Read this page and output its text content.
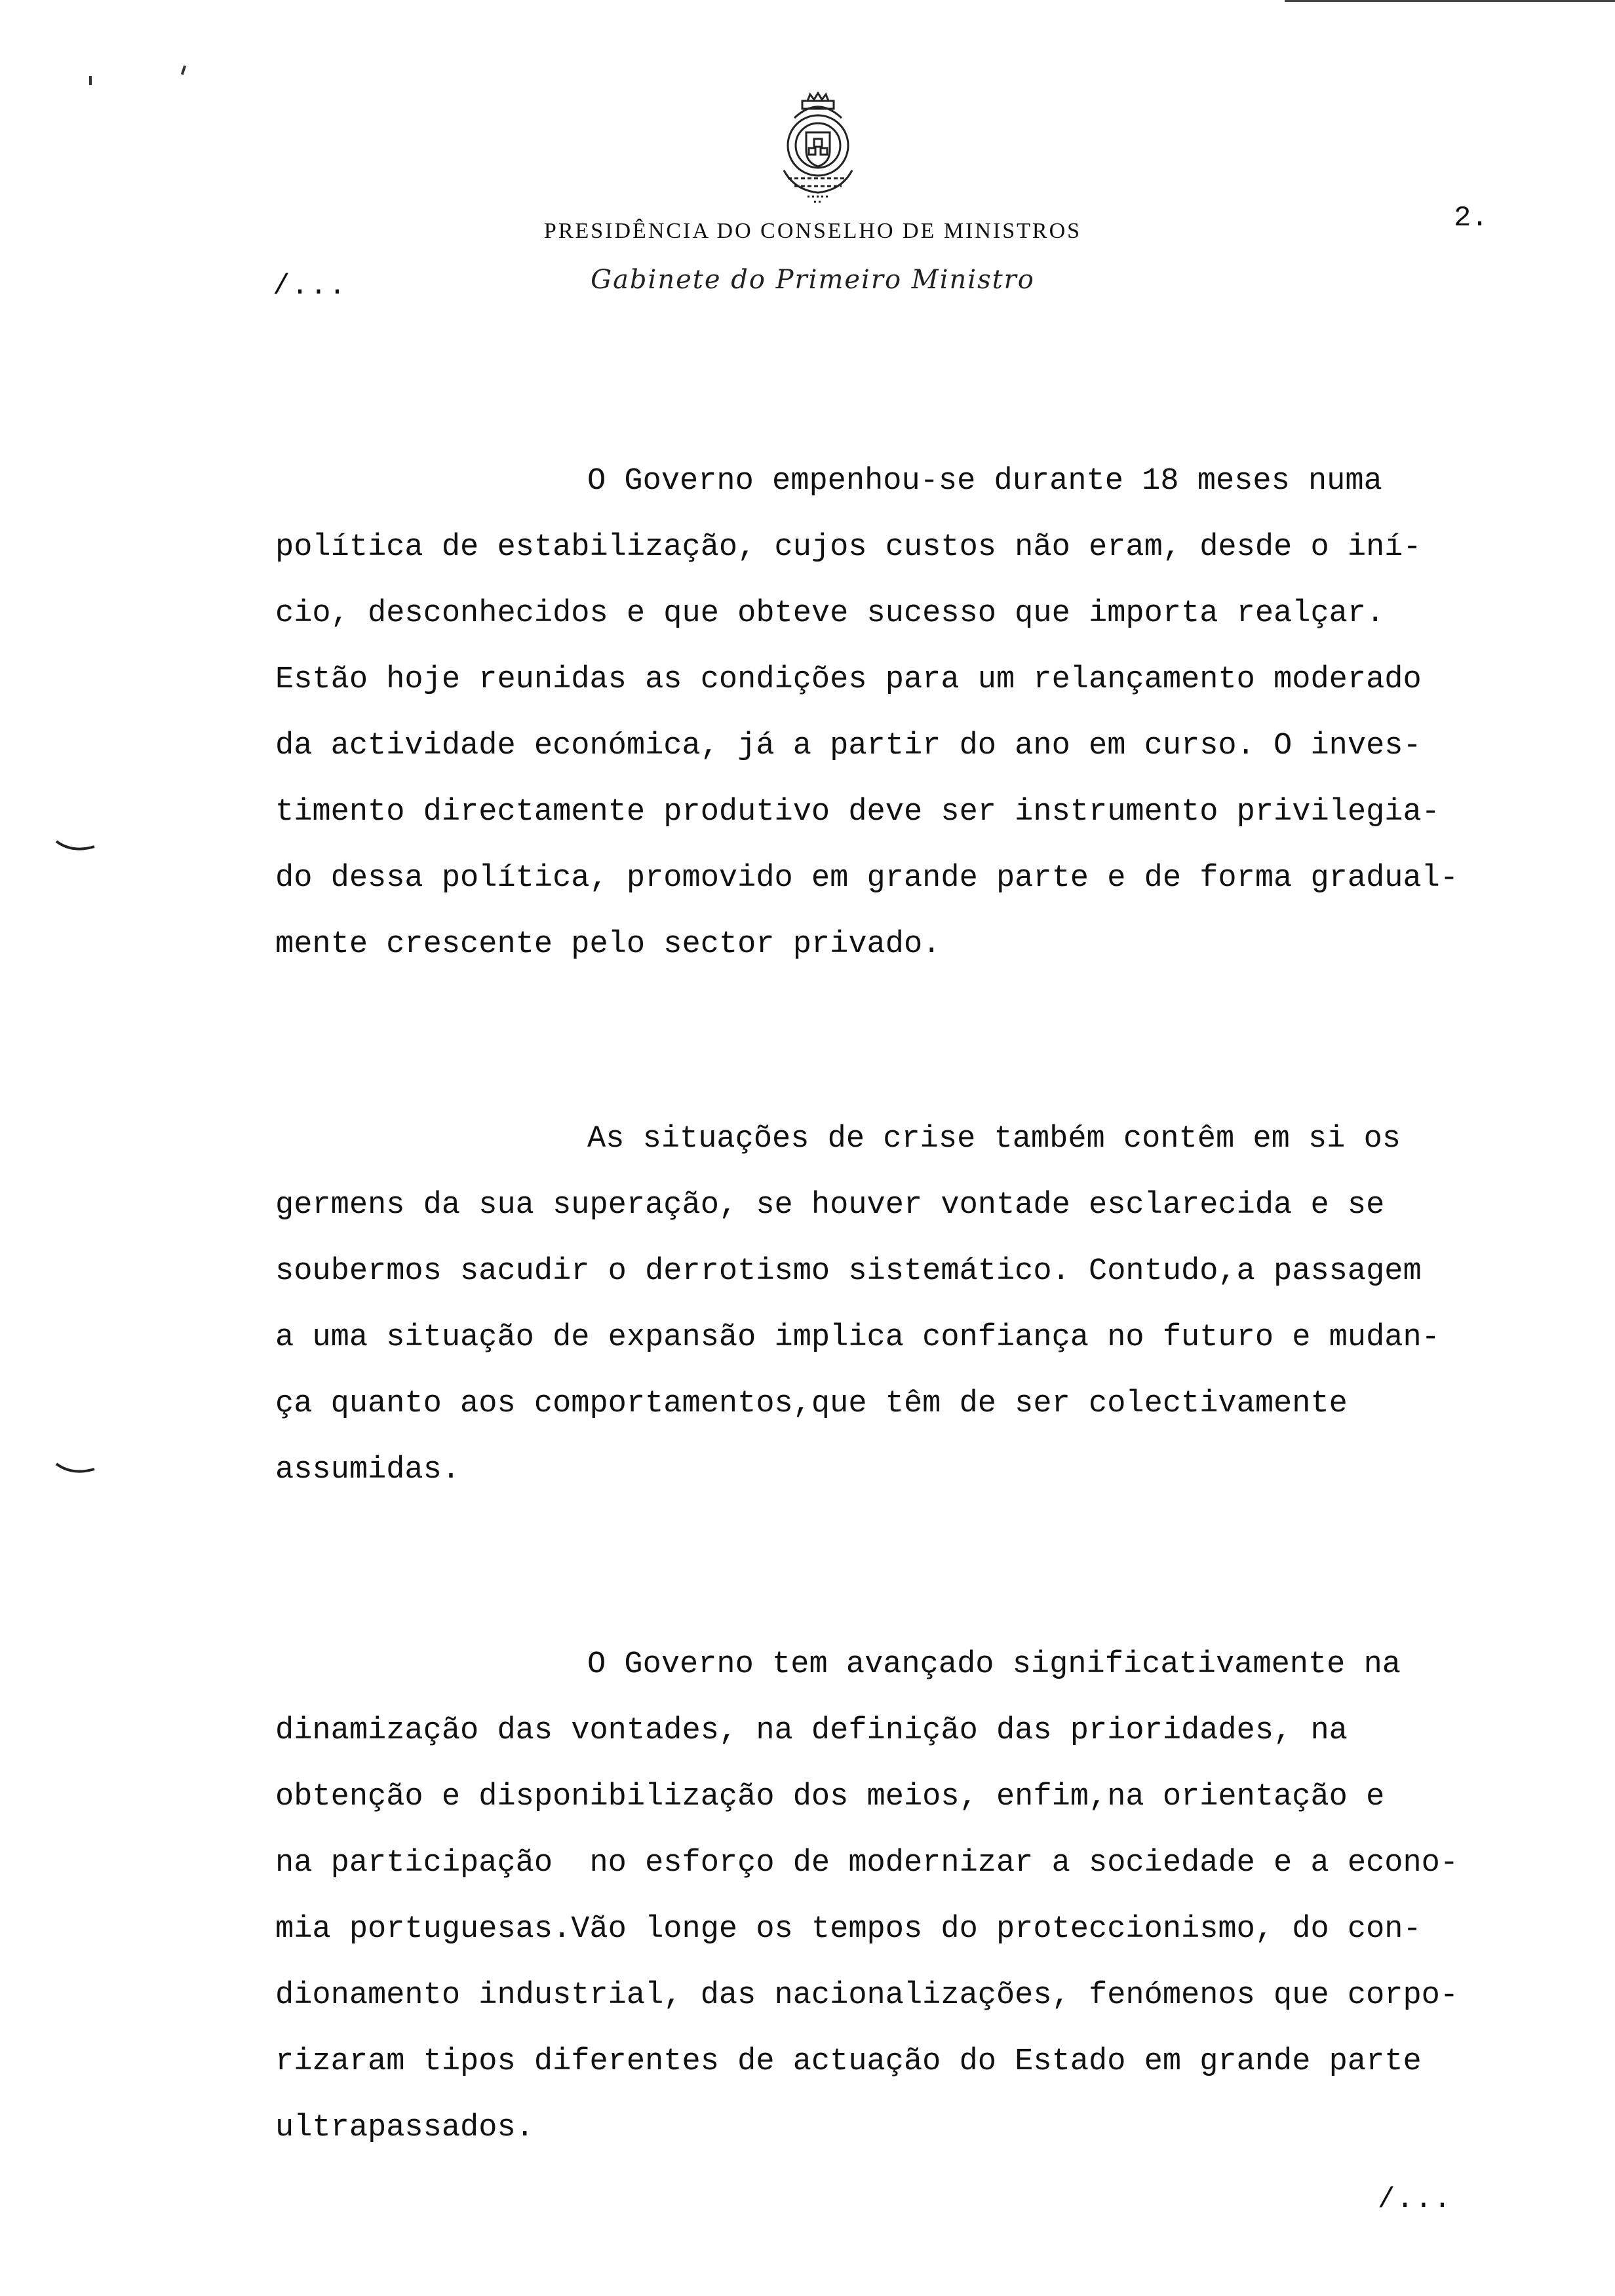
PRESIDÊNCIA DO CONSELHO DE MINISTROS
Gabinete do Primeiro Ministro
2.
/...
O Governo empenhou-se durante 18 meses numa
política de estabilização, cujos custos não eram, desde o iní-
cio, desconhecidos e que obteve sucesso que importa realçar.
Estão hoje reunidas as condições para um relançamento moderado
da actividade económica, já a partir do ano em curso. O inves-
timento directamente produtivo deve ser instrumento privilegia-
do dessa política, promovido em grande parte e de forma gradual-
mente crescente pelo sector privado.
As situações de crise também contêm em si os
germens da sua superação, se houver vontade esclarecida e se
soubermos sacudir o derrotismo sistemático. Contudo,a passagem
a uma situação de expansão implica confiança no futuro e mudan-
ça quanto aos comportamentos,que têm de ser colectivamente
assumidas.
O Governo tem avançado significativamente na
dinamização das vontades, na definição das prioridades, na
obtenção e disponibilização dos meios, enfim,na orientação e
na participação  no esforço de modernizar a sociedade e a econo-
mia portuguesas.Vão longe os tempos do proteccionismo, do con-
dionamento industrial, das nacionalizações, fenómenos que corpo-
rizaram tipos diferentes de actuação do Estado em grande parte
ultrapassados.
/...
